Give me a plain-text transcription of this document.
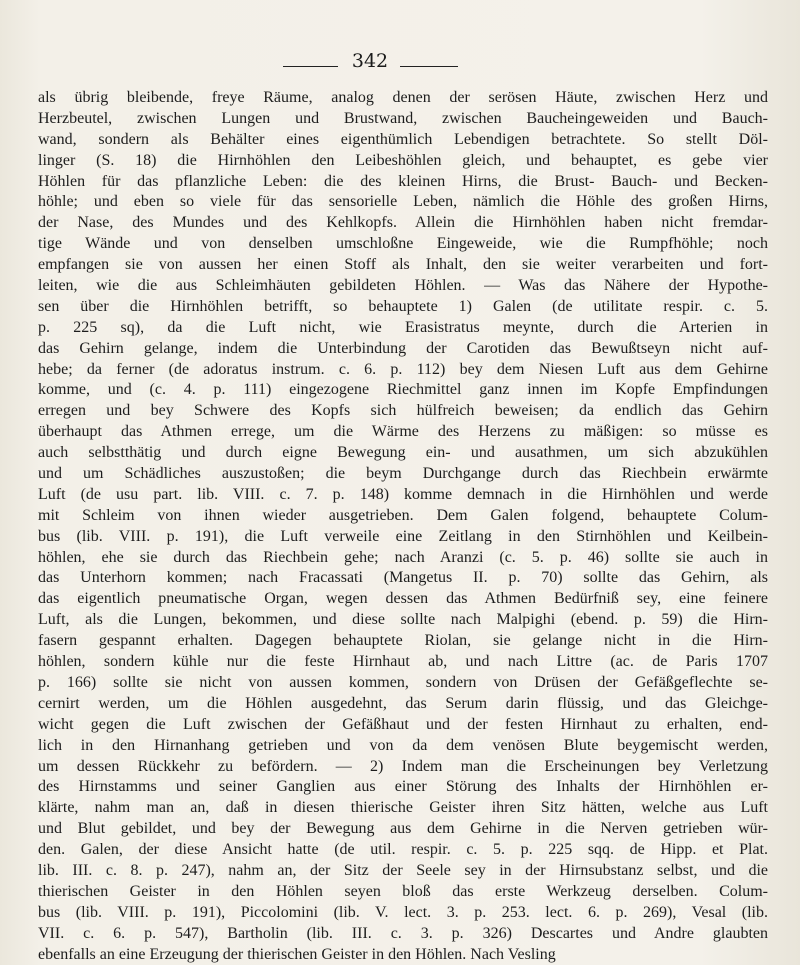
342
als übrig bleibende, freye Räume, analog denen der serösen Häute, zwischen Herz und
Herzbeutel, zwischen Lungen und Brustwand, zwischen Baucheingeweiden und Bauch-
wand, sondern als Behälter eines eigenthümlich Lebendigen betrachtete. So stellt Döl-
linger (S. 18) die Hirnhöhlen den Leibeshöhlen gleich, und behauptet, es gebe vier
Höhlen für das pflanzliche Leben: die des kleinen Hirns, die Brust- Bauch- und Becken-
höhle; und eben so viele für das sensorielle Leben, nämlich die Höhle des großen Hirns,
der Nase, des Mundes und des Kehlkopfs. Allein die Hirnhöhlen haben nicht fremdar-
tige Wände und von denselben umschloßne Eingeweide, wie die Rumpfhöhle; noch
empfangen sie von aussen her einen Stoff als Inhalt, den sie weiter verarbeiten und fort-
leiten, wie die aus Schleimhäuten gebildeten Höhlen. — Was das Nähere der Hypothe-
sen über die Hirnhöhlen betrifft, so behauptete 1) Galen (de utilitate respir. c. 5.
p. 225 sq), da die Luft nicht, wie Erasistratus meynte, durch die Arterien in
das Gehirn gelange, indem die Unterbindung der Carotiden das Bewußtseyn nicht auf-
hebe; da ferner (de adoratus instrum. c. 6. p. 112) bey dem Niesen Luft aus dem Gehirne
komme, und (c. 4. p. 111) eingezogene Riechmittel ganz innen im Kopfe Empfindungen
erregen und bey Schwere des Kopfs sich hülfreich beweisen; da endlich das Gehirn
überhaupt das Athmen errege, um die Wärme des Herzens zu mäßigen: so müsse es
auch selbstthätig und durch eigne Bewegung ein- und ausathmen, um sich abzukühlen
und um Schädliches auszustoßen; die beym Durchgange durch das Riechbein erwärmte
Luft (de usu part. lib. VIII. c. 7. p. 148) komme demnach in die Hirnhöhlen und werde
mit Schleim von ihnen wieder ausgetrieben. Dem Galen folgend, behauptete Colum-
bus (lib. VIII. p. 191), die Luft verweile eine Zeitlang in den Stirnhöhlen und Keilbein-
höhlen, ehe sie durch das Riechbein gehe; nach Aranzi (c. 5. p. 46) sollte sie auch in
das Unterhorn kommen; nach Fracassati (Mangetus II. p. 70) sollte das Gehirn, als
das eigentlich pneumatische Organ, wegen dessen das Athmen Bedürfniß sey, eine feinere
Luft, als die Lungen, bekommen, und diese sollte nach Malpighi (ebend. p. 59) die Hirn-
fasern gespannt erhalten. Dagegen behauptete Riolan, sie gelange nicht in die Hirn-
höhlen, sondern kühle nur die feste Hirnhaut ab, und nach Littre (ac. de Paris 1707
p. 166) sollte sie nicht von aussen kommen, sondern von Drüsen der Gefäßgeflechte se-
cernirt werden, um die Höhlen ausgedehnt, das Serum darin flüssig, und das Gleichge-
wicht gegen die Luft zwischen der Gefäßhaut und der festen Hirnhaut zu erhalten, end-
lich in den Hirnanhang getrieben und von da dem venösen Blute beygemischt werden,
um dessen Rückkehr zu befördern. — 2) Indem man die Erscheinungen bey Verletzung
des Hirnstamms und seiner Ganglien aus einer Störung des Inhalts der Hirnhöhlen er-
klärte, nahm man an, daß in diesen thierische Geister ihren Sitz hätten, welche aus Luft
und Blut gebildet, und bey der Bewegung aus dem Gehirne in die Nerven getrieben wür-
den. Galen, der diese Ansicht hatte (de util. respir. c. 5. p. 225 sqq. de Hipp. et Plat.
lib. III. c. 8. p. 247), nahm an, der Sitz der Seele sey in der Hirnsubstanz selbst, und die
thierischen Geister in den Höhlen seyen bloß das erste Werkzeug derselben. Colum-
bus (lib. VIII. p. 191), Piccolomini (lib. V. lect. 3. p. 253. lect. 6. p. 269), Vesal (lib.
VII. c. 6. p. 547), Bartholin (lib. III. c. 3. p. 326) Descartes und Andre glaubten
ebenfalls an eine Erzeugung der thierischen Geister in den Höhlen. Nach Vesling
